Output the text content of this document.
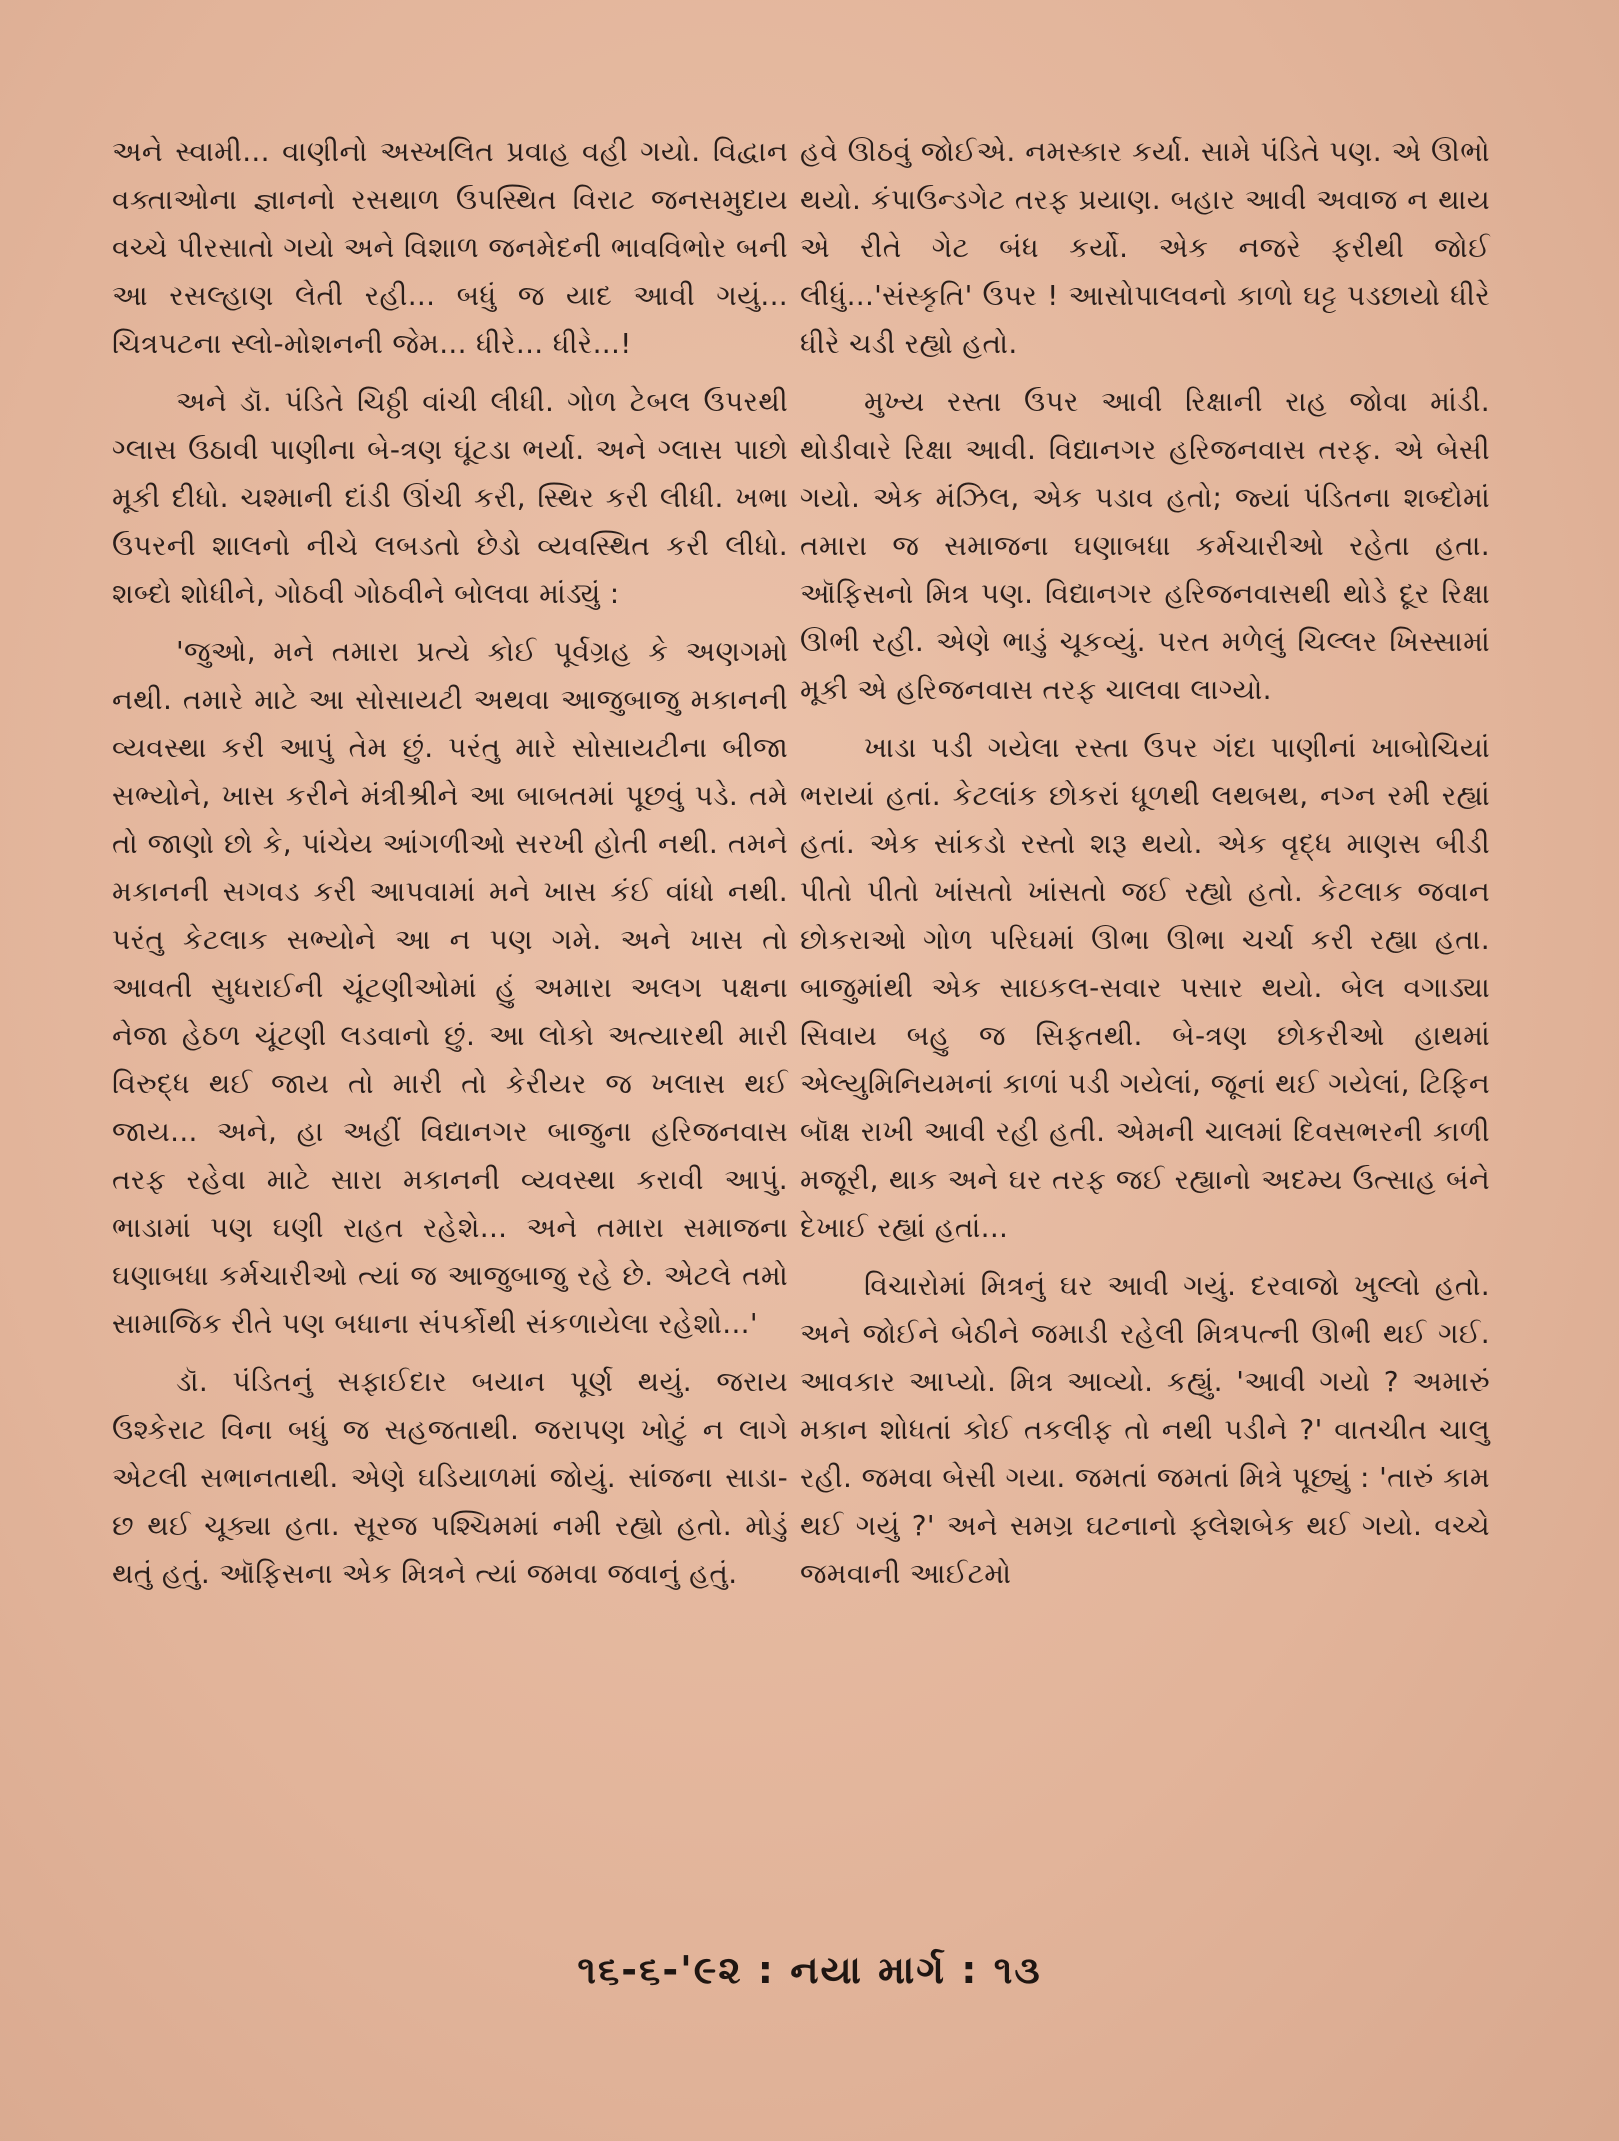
અને સ્વામી... વાણીનો અસ્ખલિત પ્રવાહ વહી ગયો. વિદ્વાન વક્તાઓના જ્ઞાનનો રસથાળ ઉપસ્થિત વિરાટ જનસમુદાય વચ્ચે પીરસાતો ગયો અને વિશાળ જનમેદની ભાવવિભોર બની આ રસલ્હાણ લેતી રહી... બધું જ યાદ આવી ગયું... ચિત્રપટના સ્લો-મોશનની જેમ... ધીરે... ધીરે...!

અને ડૉ. પંડિતે ચિઠ્ઠી વાંચી લીધી. ગોળ ટેબલ ઉપરથી ગ્લાસ ઉઠાવી પાણીના બે-ત્રણ ઘૂંટડા ભર્યા. અને ગ્લાસ પાછો મૂકી દીધો. ચશ્માની દાંડી ઊંચી કરી, સ્થિર કરી લીધી. ખભા ઉપરની શાલનો નીચે લબડતો છેડો વ્યવસ્થિત કરી લીધો. શબ્દો શોધીને, ગોઠવી ગોઠવીને બોલવા માંડ્યું :

'જુઓ, મને તમારા પ્રત્યે કોઈ પૂર્વગ્રહ કે અણગમો નથી. તમારે માટે આ સોસાયટી અથવા આજુબાજુ મકાનની વ્યવસ્થા કરી આપું તેમ છું. પરંતુ મારે સોસાયટીના બીજા સભ્યોને, ખાસ કરીને મંત્રીશ્રીને આ બાબતમાં પૂછવું પડે. તમે તો જાણો છો કે, પાંચેય આંગળીઓ સરખી હોતી નથી. તમને મકાનની સગવડ કરી આપવામાં મને ખાસ કંઈ વાંધો નથી. પરંતુ કેટલાક સભ્યોને આ ન પણ ગમે. અને ખાસ તો આવતી સુધરાઈની ચૂંટણીઓમાં હું અમારા અલગ પક્ષના નેજા હેઠળ ચૂંટણી લડવાનો છું. આ લોકો અત્યારથી મારી વિરુદ્ધ થઈ જાય તો મારી તો કેરીયર જ ખલાસ થઈ જાય... અને, હા અહીં વિદ્યાનગર બાજુના હરિજનવાસ તરફ રહેવા માટે સારા મકાનની વ્યવસ્થા કરાવી આપું. ભાડામાં પણ ઘણી રાહત રહેશે... અને તમારા સમાજના ઘણાબધા કર્મચારીઓ ત્યાં જ આજુબાજુ રહે છે. એટલે તમો સામાજિક રીતે પણ બધાના સંપર્કોથી સંકળાયેલા રહેશો...'

ડૉ. પંડિતનું સફાઈદાર બયાન પૂર્ણ થયું. જરાય ઉશ્કેરાટ વિના બધું જ સહજતાથી. જરાપણ ખોટું ન લાગે એટલી સભાનતાથી. એણે ઘડિયાળમાં જોયું. સાંજના સાડા-છ થઈ ચૂક્યા હતા. સૂરજ પશ્ચિમમાં નમી રહ્યો હતો. મોડું થતું હતું. ઑફિસના એક મિત્રને ત્યાં જમવા જવાનું હતું.

હવે ઊઠવું જોઈએ. નમસ્કાર કર્યા. સામે પંડિતે પણ. એ ઊભો થયો. કંપાઉન્ડગેટ તરફ પ્રયાણ. બહાર આવી અવાજ ન થાય એ રીતે ગેટ બંધ કર્યો. એક નજરે ફરીથી જોઈ લીધું...'સંસ્કૃતિ' ઉપર ! આસોપાલવનો કાળો ઘટ્ટ પડછાયો ધીરે ધીરે ચડી રહ્યો હતો.

મુખ્ય રસ્તા ઉપર આવી રિક્ષાની રાહ જોવા માંડી. થોડીવારે રિક્ષા આવી. વિદ્યાનગર હરિજનવાસ તરફ. એ બેસી ગયો. એક મંઝિલ, એક પડાવ હતો; જ્યાં પંડિતના શબ્દોમાં તમારા જ સમાજના ઘણાબધા કર્મચારીઓ રહેતા હતા. ઑફિસનો મિત્ર પણ. વિદ્યાનગર હરિજનવાસથી થોડે દૂર રિક્ષા ઊભી રહી. એણે ભાડું ચૂકવ્યું. પરત મળેલું ચિલ્લર ખિસ્સામાં મૂકી એ હરિજનવાસ તરફ ચાલવા લાગ્યો.

ખાડા પડી ગયેલા રસ્તા ઉપર ગંદા પાણીનાં ખાબોચિયાં ભરાયાં હતાં. કેટલાંક છોકરાં ધૂળથી લથબથ, નગ્ન રમી રહ્યાં હતાં. એક સાંકડો રસ્તો શરૂ થયો. એક વૃદ્ધ માણસ બીડી પીતો પીતો ખાંસતો ખાંસતો જઈ રહ્યો હતો. કેટલાક જવાન છોકરાઓ ગોળ પરિઘમાં ઊભા ઊભા ચર્ચા કરી રહ્યા હતા. બાજુમાંથી એક સાઇકલ-સવાર પસાર થયો. બેલ વગાડ્યા સિવાય બહુ જ સિફતથી. બે-ત્રણ છોકરીઓ હાથમાં એલ્યુમિનિયમનાં કાળાં પડી ગયેલાં, જૂનાં થઈ ગયેલાં, ટિફિન બૉક્ષ રાખી આવી રહી હતી. એમની ચાલમાં દિવસભરની કાળી મજૂરી, થાક અને ઘર તરફ જઈ રહ્યાનો અદમ્ય ઉત્સાહ બંને દેખાઈ રહ્યાં હતાં...

વિચારોમાં મિત્રનું ઘર આવી ગયું. દરવાજો ખુલ્લો હતો. અને જોઈને બેઠીને જમાડી રહેલી મિત્રપત્ની ઊભી થઈ ગઈ. આવકાર આપ્યો. મિત્ર આવ્યો. કહ્યું. 'આવી ગયો ? અમારું મકાન શોધતાં કોઈ તકલીફ તો નથી પડીને ?' વાતચીત ચાલુ રહી. જમવા બેસી ગયા. જમતાં જમતાં મિત્રે પૂછ્યું : 'તારું કામ થઈ ગયું ?' અને સમગ્ર ઘટનાનો ફ્લેશબેક થઈ ગયો. વચ્ચે જમવાની આઈટમો

૧૬-૬-'૯૨ : નયા માર્ગ : ૧૩
